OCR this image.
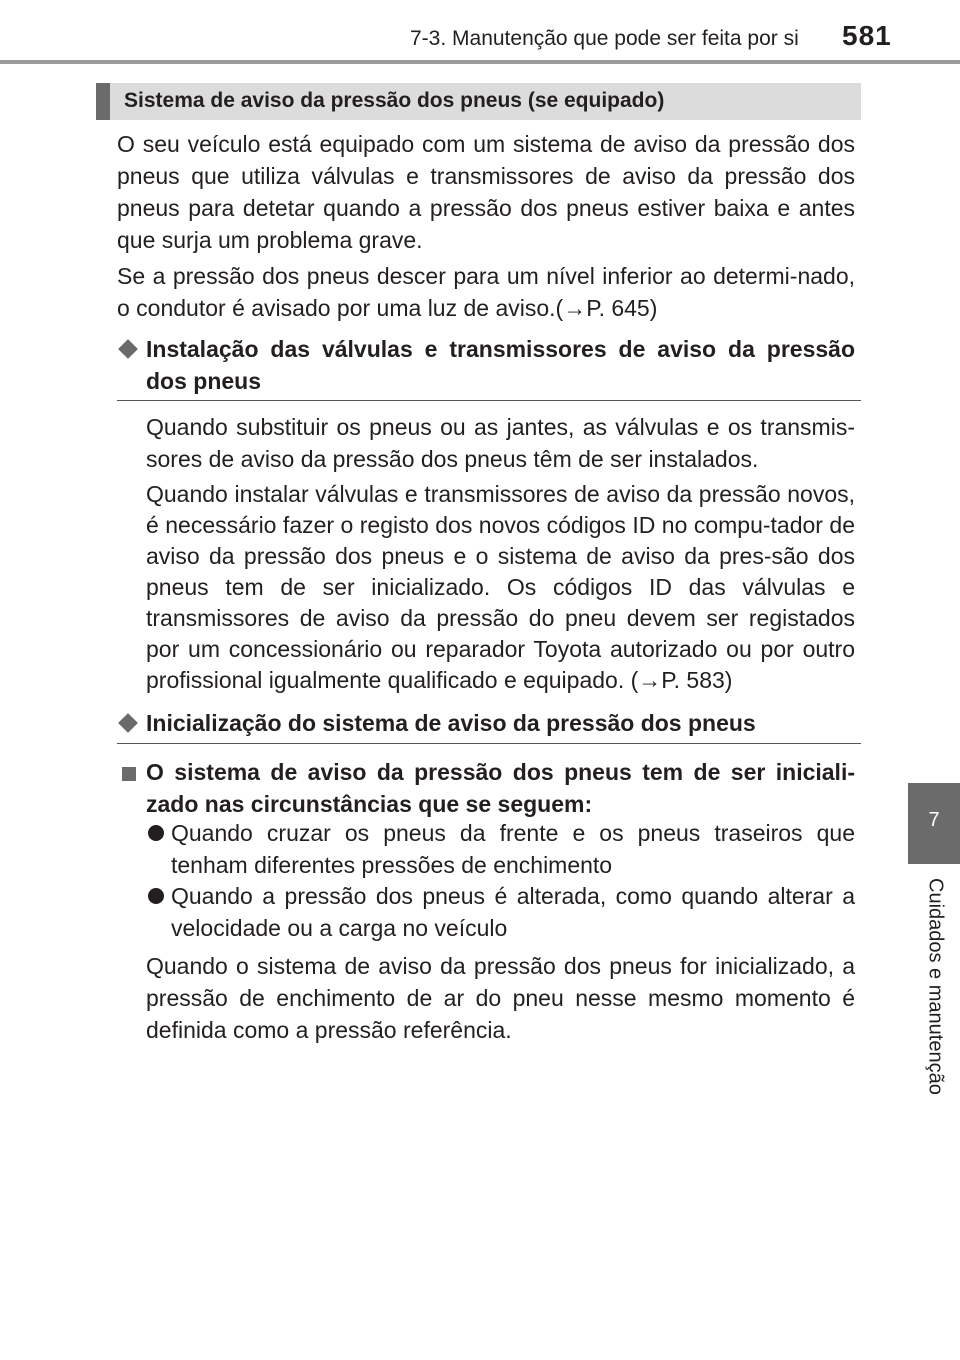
7-3. Manutenção que pode ser feita por si 581
7
Cuidados e manutenção
Sistema de aviso da pressão dos pneus (se equipado)
O seu veículo está equipado com um sistema de aviso da pressão dos pneus que utiliza válvulas e transmissores de aviso da pressão dos pneus para detetar quando a pressão dos pneus estiver baixa e antes que surja um problema grave.
Se a pressão dos pneus descer para um nível inferior ao determi-nado, o condutor é avisado por uma luz de aviso.(→P. 645)
Instalação das válvulas e transmissores de aviso da pressão dos pneus
Quando substituir os pneus ou as jantes, as válvulas e os transmis-sores de aviso da pressão dos pneus têm de ser instalados.
Quando instalar válvulas e transmissores de aviso da pressão novos, é necessário fazer o registo dos novos códigos ID no compu-tador de aviso da pressão dos pneus e o sistema de aviso da pres-são dos pneus tem de ser inicializado. Os códigos ID das válvulas e transmissores de aviso da pressão do pneu devem ser registados por um concessionário ou reparador Toyota autorizado ou por outro profissional igualmente qualificado e equipado. (→P. 583)
Inicialização do sistema de aviso da pressão dos pneus
O sistema de aviso da pressão dos pneus tem de ser iniciali-zado nas circunstâncias que se seguem:
Quando cruzar os pneus da frente e os pneus traseiros que tenham diferentes pressões de enchimento
Quando a pressão dos pneus é alterada, como quando alterar a velocidade ou a carga no veículo
Quando o sistema de aviso da pressão dos pneus for inicializado, a pressão de enchimento de ar do pneu nesse mesmo momento é definida como a pressão referência.
